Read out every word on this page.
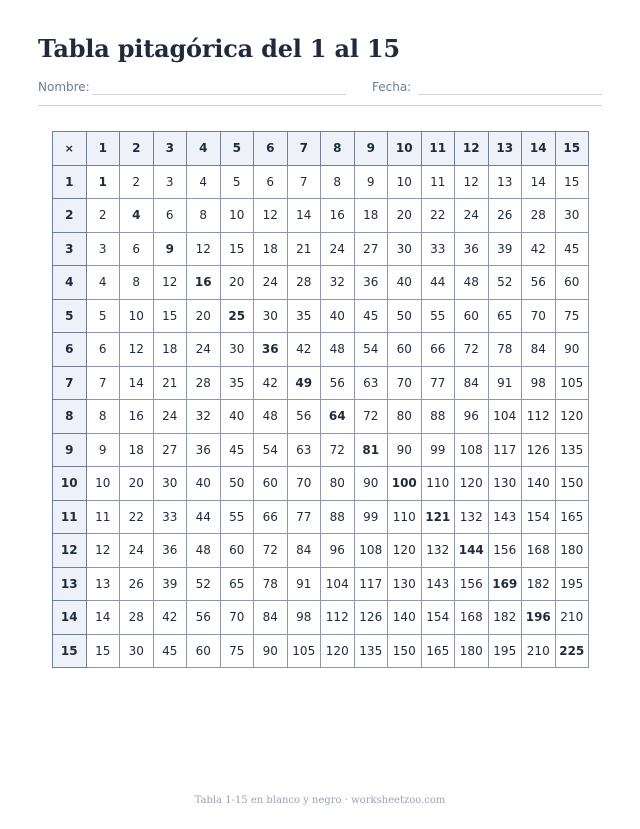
Tabla pitagórica del 1 al 15
Nombre:	Fecha:
×	1	2	3	4	5	6	7	8	9	10	11	12	13	14	15
1	1	2	3	4	5	6	7	8	9	10	11	12	13	14	15
2	2	4	6	8	10	12	14	16	18	20	22	24	26	28	30
3	3	6	9	12	15	18	21	24	27	30	33	36	39	42	45
4	4	8	12	16	20	24	28	32	36	40	44	48	52	56	60
5	5	10	15	20	25	30	35	40	45	50	55	60	65	70	75
6	6	12	18	24	30	36	42	48	54	60	66	72	78	84	90
7	7	14	21	28	35	42	49	56	63	70	77	84	91	98	105
8	8	16	24	32	40	48	56	64	72	80	88	96	104	112	120
9	9	18	27	36	45	54	63	72	81	90	99	108	117	126	135
10	10	20	30	40	50	60	70	80	90	100	110	120	130	140	150
11	11	22	33	44	55	66	77	88	99	110	121	132	143	154	165
12	12	24	36	48	60	72	84	96	108	120	132	144	156	168	180
13	13	26	39	52	65	78	91	104	117	130	143	156	169	182	195
14	14	28	42	56	70	84	98	112	126	140	154	168	182	196	210
15	15	30	45	60	75	90	105	120	135	150	165	180	195	210	225
Tabla 1-15 en blanco y negro · worksheetzoo.com
